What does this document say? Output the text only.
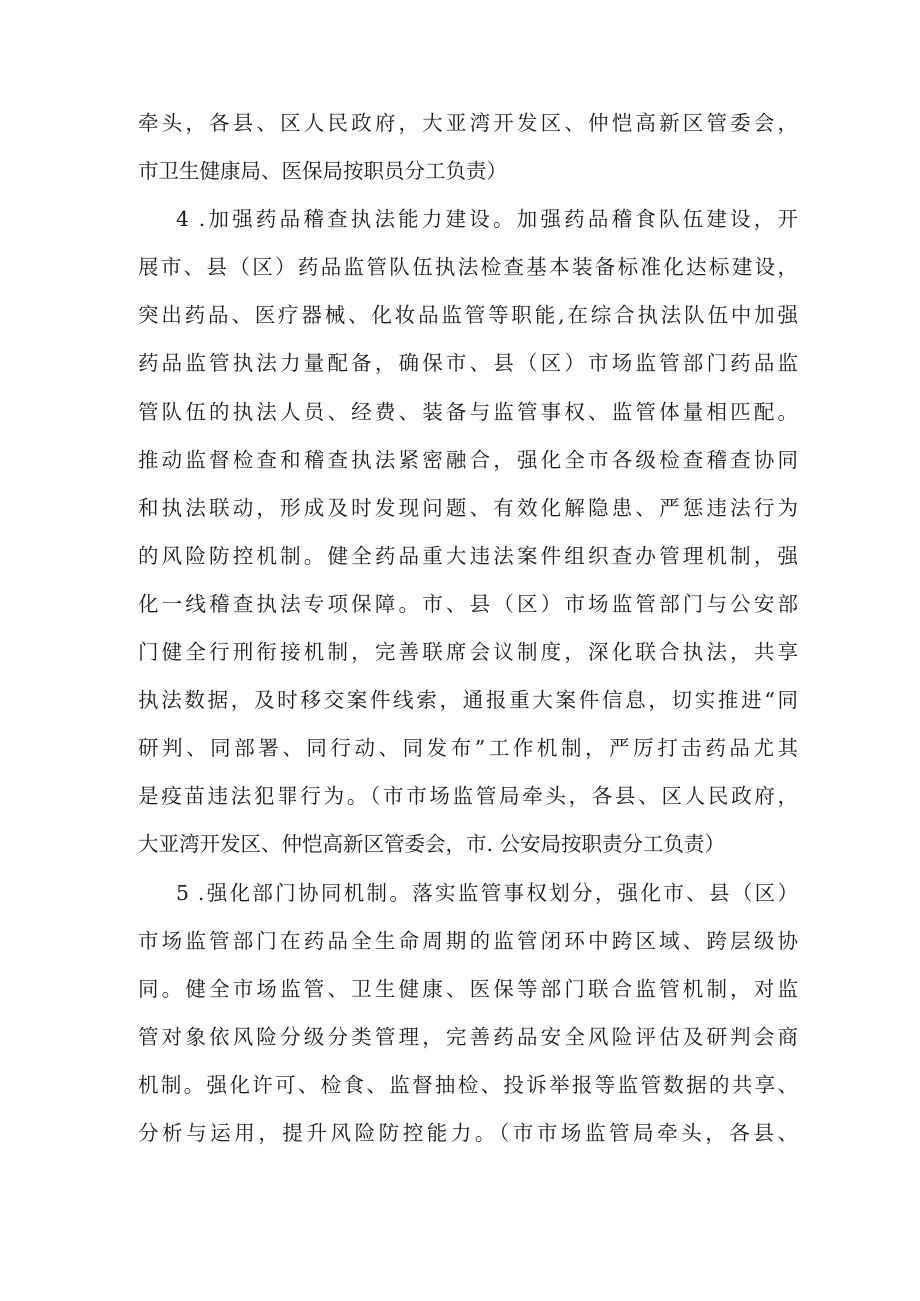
牵头，各县、区人民政府，大亚湾开发区、仲恺高新区管委会，
市卫生健康局、医保局按职员分工负责）
4 .加强药品稽查执法能力建设。加强药品稽食队伍建设，开
展市、县（区）药品监管队伍执法检查基本装备标准化达标建设，
突出药品、医疗器械、化妆品监管等职能,在综合执法队伍中加强
药品监管执法力量配备，确保市、县（区）市场监管部门药品监
管队伍的执法人员、经费、装备与监管事权、监管体量相匹配。
推动监督检查和稽查执法紧密融合，强化全市各级检查稽查协同
和执法联动，形成及时发现问题、有效化解隐患、严惩违法行为
的风险防控机制。健全药品重大违法案件组织查办管理机制，强
化一线稽查执法专项保障。市、县（区）市场监管部门与公安部
门健全行刑衔接机制，完善联席会议制度，深化联合执法，共享
执法数据，及时移交案件线索，通报重大案件信息，切实推进“同
研判、同部署、同行动、同发布”工作机制，严厉打击药品尤其
是疫苗违法犯罪行为。（市市场监管局牵头，各县、区人民政府，
大亚湾开发区、仲恺高新区管委会，市. 公安局按职责分工负责）
5 .强化部门协同机制。落实监管事权划分，强化市、县（区）
市场监管部门在药品全生命周期的监管闭环中跨区域、跨层级协
同。健全市场监管、卫生健康、医保等部门联合监管机制，对监
管对象依风险分级分类管理，完善药品安全风险评估及研判会商
机制。强化许可、检食、监督抽检、投诉举报等监管数据的共享、
分析与运用，提升风险防控能力。（市市场监管局牵头，各县、
